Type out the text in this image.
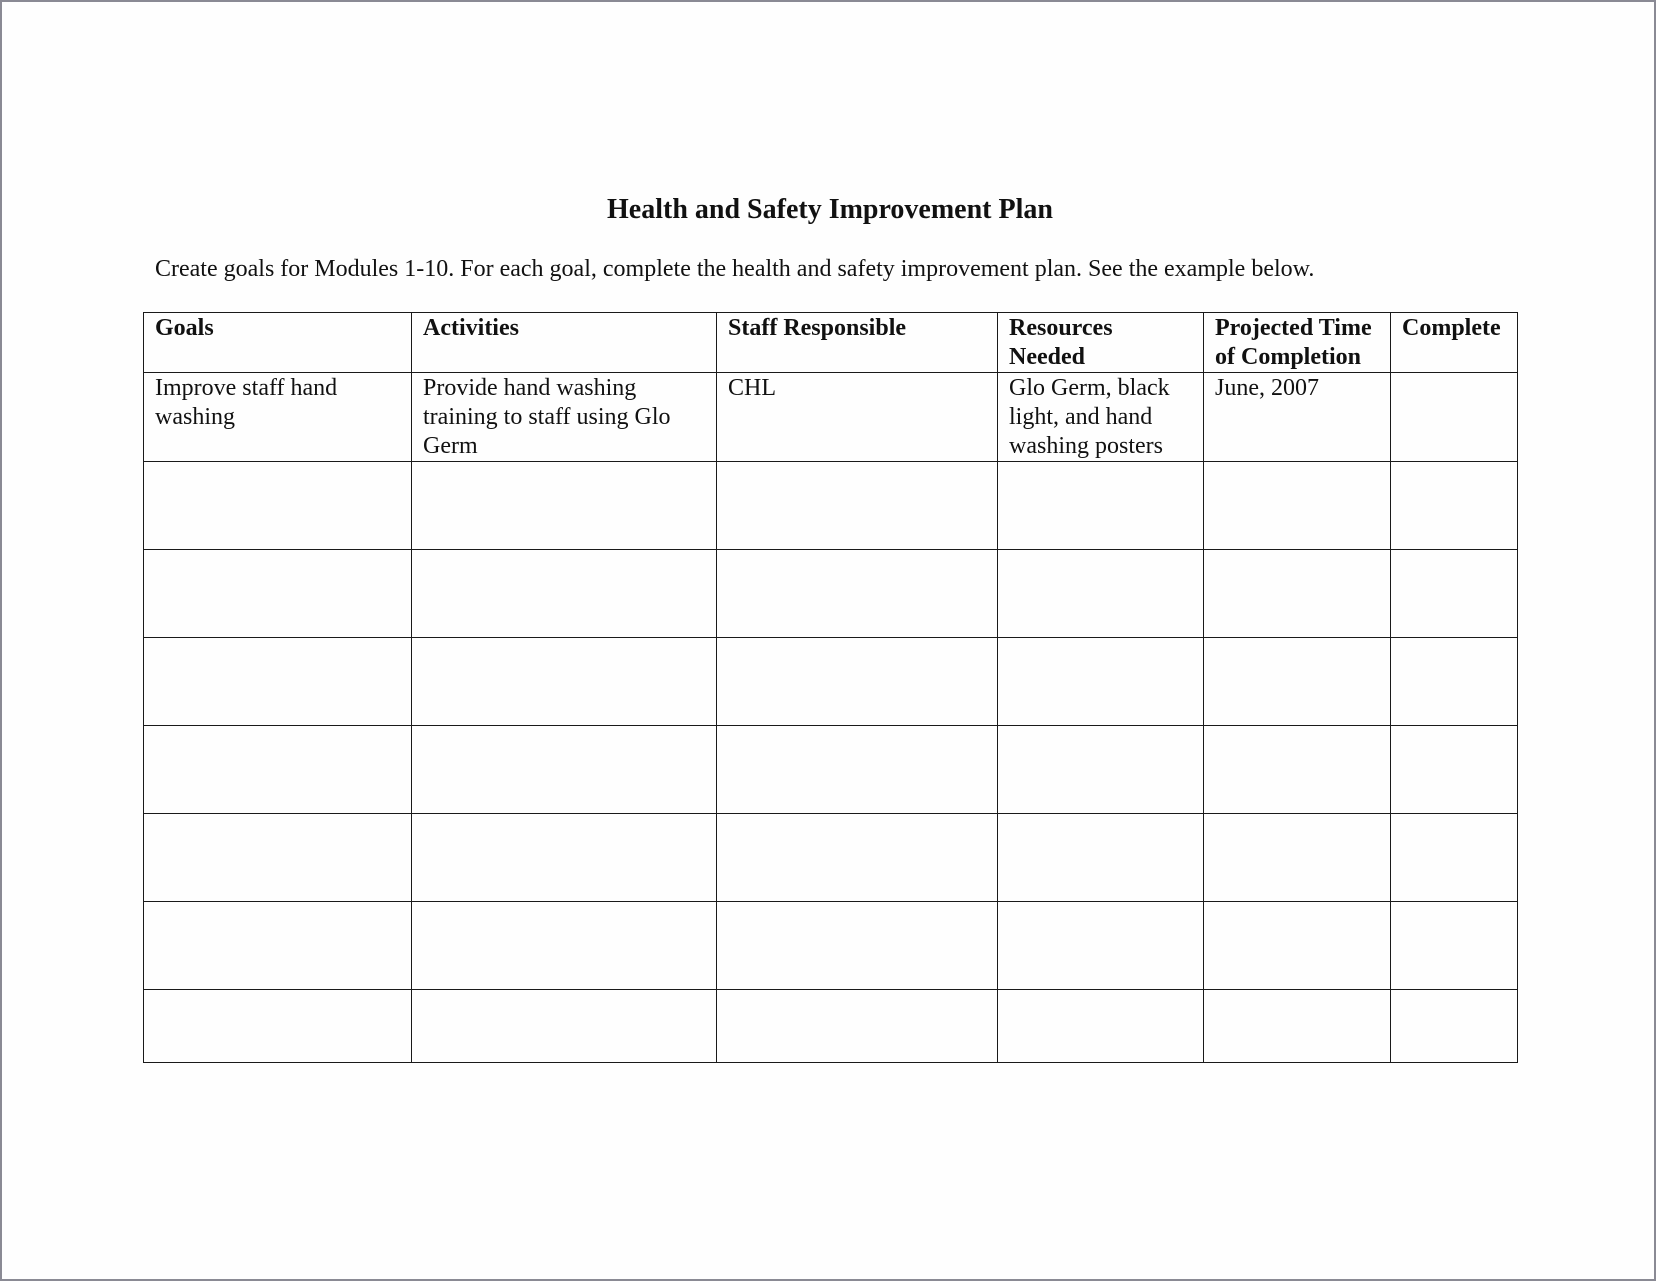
Health and Safety Improvement Plan
Create goals for Modules 1-10. For each goal, complete the health and safety improvement plan. See the example below.
Goals	Activities	Staff Responsible	Resources Needed	Projected Time of Completion	Complete
Improve staff hand washing	Provide hand washing training to staff using Glo Germ	CHL	Glo Germ, black light, and hand washing posters	June, 2007	
